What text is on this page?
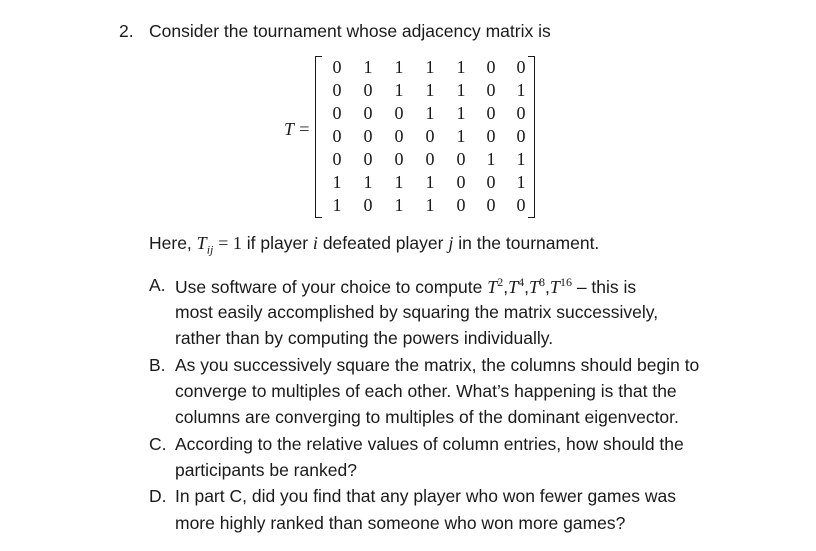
2. Consider the tournament whose adjacency matrix is
T =
0	1	1	1	1	0	0
0	0	1	1	1	0	1
0	0	0	1	1	0	0
0	0	0	0	1	0	0
0	0	0	0	0	1	1
1	1	1	1	0	0	1
1	0	1	1	0	0	0
Here, $T_{ij} = 1$ if player i defeated player j in the tournament.
A. Use software of your choice to compute $T^2,T^4,T^8,T^{16}$ – this is
most easily accomplished by squaring the matrix successively,
rather than by computing the powers individually.
B. As you successively square the matrix, the columns should begin to
converge to multiples of each other. What’s happening is that the
columns are converging to multiples of the dominant eigenvector.
C. According to the relative values of column entries, how should the
participants be ranked?
D. In part C, did you find that any player who won fewer games was
more highly ranked than someone who won more games?
